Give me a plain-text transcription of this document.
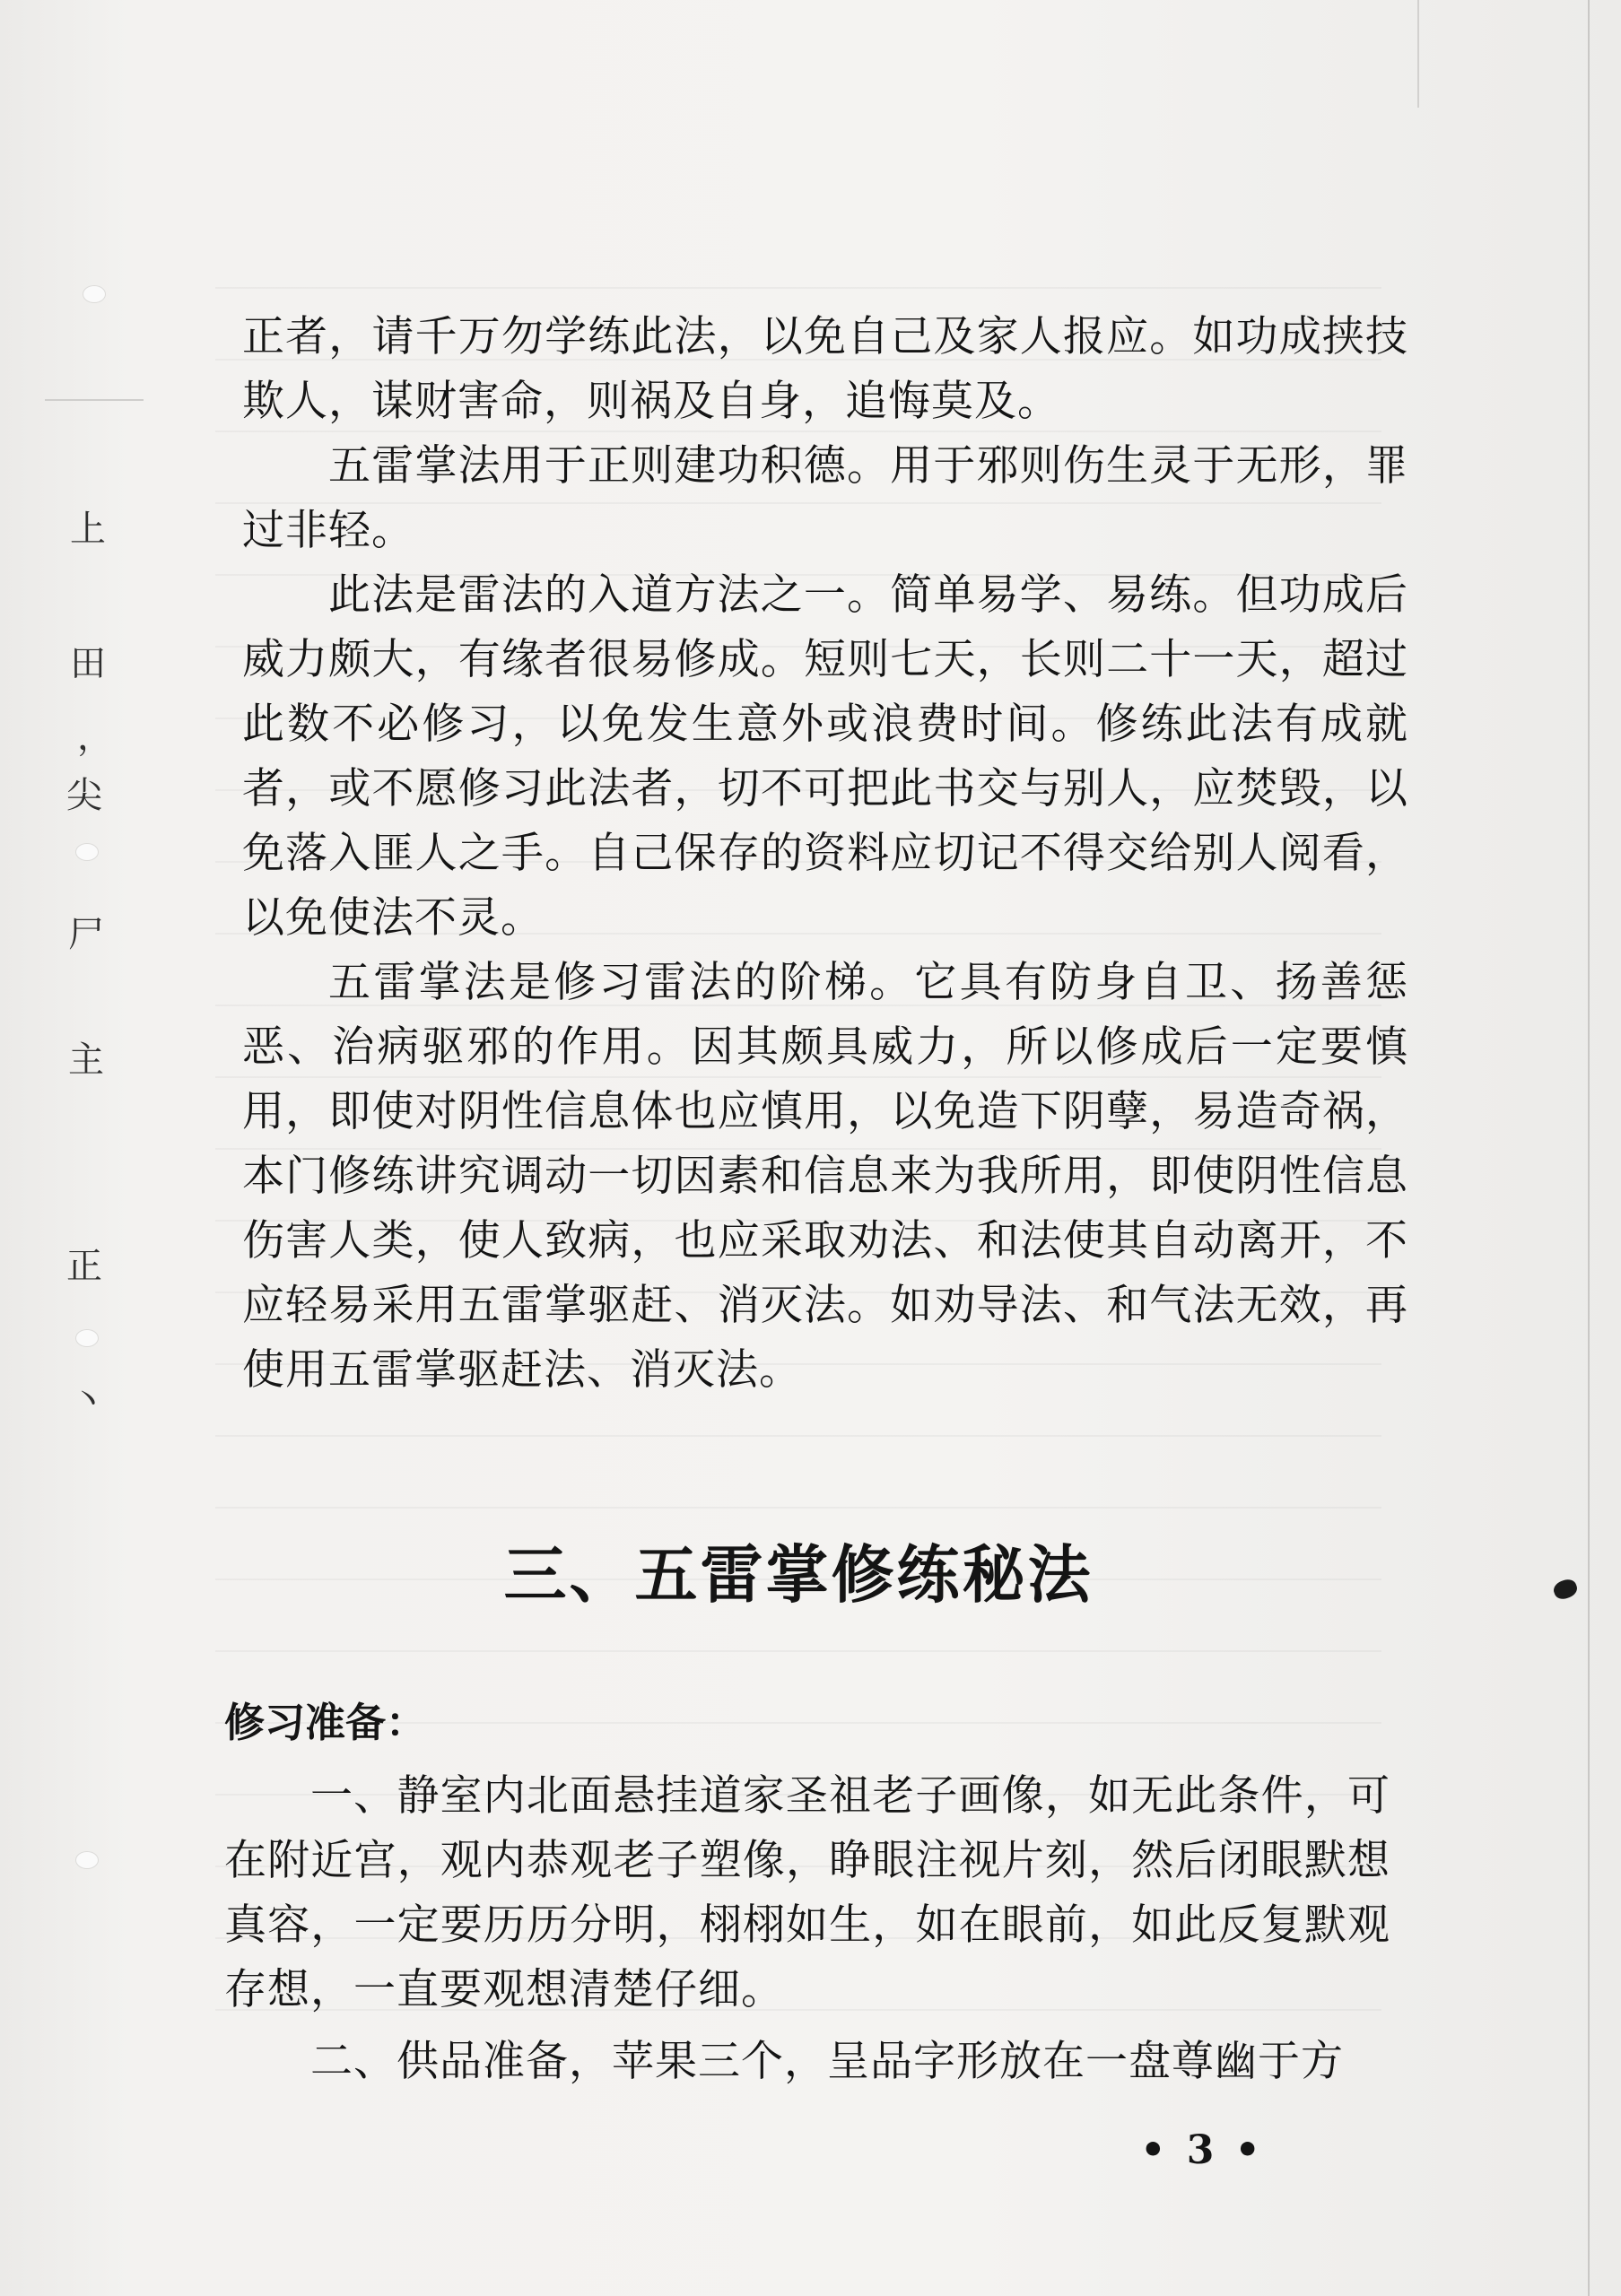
上
田
，
尖
尸
主
正
丶

正者，请千万勿学练此法，以免自己及家人报应。如功成挟技欺人，谋财害命，则祸及自身，追悔莫及。

五雷掌法用于正则建功积德。用于邪则伤生灵于无形，罪过非轻。

此法是雷法的入道方法之一。简单易学、易练。但功成后威力颇大，有缘者很易修成。短则七天，长则二十一天，超过此数不必修习，以免发生意外或浪费时间。修练此法有成就者，或不愿修习此法者，切不可把此书交与别人，应焚毁，以免落入匪人之手。自己保存的资料应切记不得交给别人阅看，以免使法不灵。

五雷掌法是修习雷法的阶梯。它具有防身自卫、扬善惩恶、治病驱邪的作用。因其颇具威力，所以修成后一定要慎用，即使对阴性信息体也应慎用，以免造下阴孽，易造奇祸，本门修练讲究调动一切因素和信息来为我所用，即使阴性信息伤害人类，使人致病，也应采取劝法、和法使其自动离开，不应轻易采用五雷掌驱赶、消灭法。如劝导法、和气法无效，再使用五雷掌驱赶法、消灭法。

三、五雷掌修练秘法

修习准备：

一、静室内北面悬挂道家圣祖老子画像，如无此条件，可在附近宫，观内恭观老子塑像，睁眼注视片刻，然后闭眼默想真容，一定要历历分明，栩栩如生，如在眼前，如此反复默观存想，一直要观想清楚仔细。

二、供品准备，苹果三个，呈品字形放在一盘尊幽于方

• 3 •
